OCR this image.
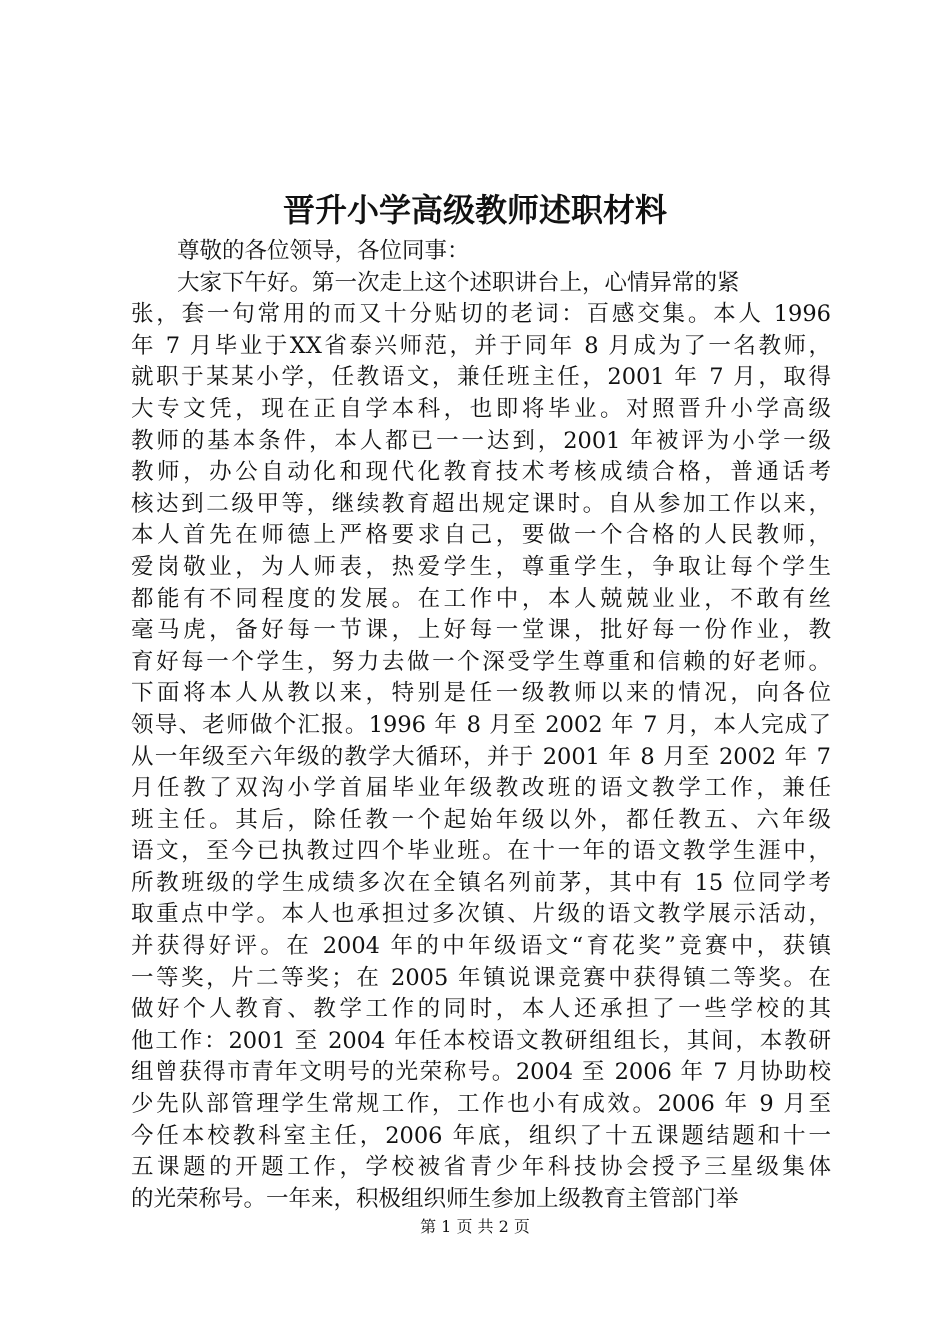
晋升小学高级教师述职材料
尊敬的各位领导，各位同事：
大家下午好。第一次走上这个述职讲台上，心情异常的紧
张，套一句常用的而又十分贴切的老词：百感交集。本人 1996
年 7 月毕业于XX省泰兴师范，并于同年 8 月成为了一名教师，
就职于某某小学，任教语文，兼任班主任，2001 年 7 月，取得
大专文凭，现在正自学本科，也即将毕业。对照晋升小学高级
教师的基本条件，本人都已一一达到，2001 年被评为小学一级
教师，办公自动化和现代化教育技术考核成绩合格，普通话考
核达到二级甲等，继续教育超出规定课时。自从参加工作以来，
本人首先在师德上严格要求自己，要做一个合格的人民教师，
爱岗敬业，为人师表，热爱学生，尊重学生，争取让每个学生
都能有不同程度的发展。在工作中，本人兢兢业业，不敢有丝
毫马虎，备好每一节课，上好每一堂课，批好每一份作业，教
育好每一个学生，努力去做一个深受学生尊重和信赖的好老师。
下面将本人从教以来，特别是任一级教师以来的情况，向各位
领导、老师做个汇报。1996 年 8 月至 2002 年 7 月，本人完成了
从一年级至六年级的教学大循环，并于 2001 年 8 月至 2002 年 7
月任教了双沟小学首届毕业年级教改班的语文教学工作，兼任
班主任。其后，除任教一个起始年级以外，都任教五、六年级
语文，至今已执教过四个毕业班。在十一年的语文教学生涯中，
所教班级的学生成绩多次在全镇名列前茅，其中有 15 位同学考
取重点中学。本人也承担过多次镇、片级的语文教学展示活动，
并获得好评。在 2004 年的中年级语文“育花奖”竞赛中，获镇
一等奖，片二等奖；在 2005 年镇说课竞赛中获得镇二等奖。在
做好个人教育、教学工作的同时，本人还承担了一些学校的其
他工作：2001 至 2004 年任本校语文教研组组长，其间，本教研
组曾获得市青年文明号的光荣称号。2004 至 2006 年 7 月协助校
少先队部管理学生常规工作，工作也小有成效。2006 年 9 月至
今任本校教科室主任，2006 年底，组织了十五课题结题和十一
五课题的开题工作，学校被省青少年科技协会授予三星级集体
的光荣称号。一年来，积极组织师生参加上级教育主管部门举
第 1 页 共 2 页
